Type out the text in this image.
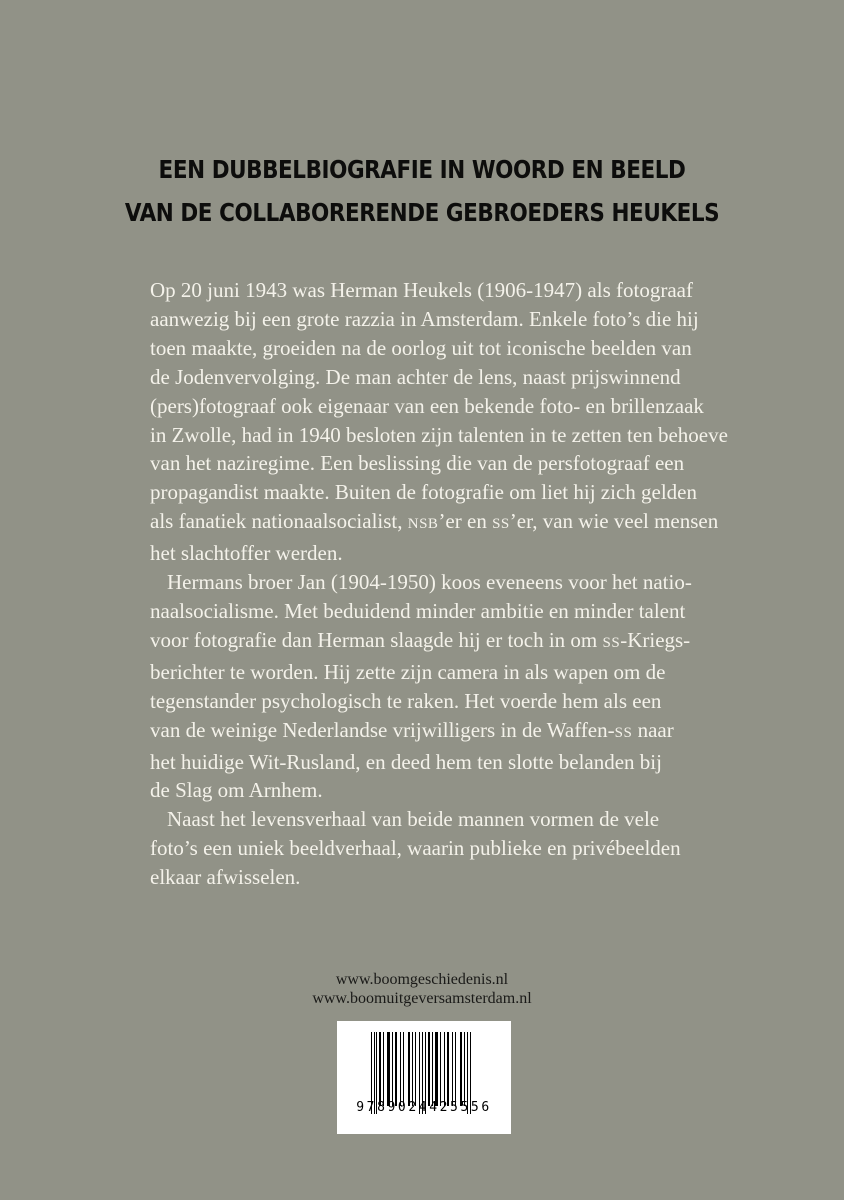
EEN DUBBELBIOGRAFIE IN WOORD EN BEELD
VAN DE COLLABORERENDE GEBROEDERS HEUKELS
Op 20 juni 1943 was Herman Heukels (1906-1947) als fotograaf
aanwezig bij een grote razzia in Amsterdam. Enkele foto’s die hij
toen maakte, groeiden na de oorlog uit tot iconische beelden van
de Jodenvervolging. De man achter de lens, naast prijswinnend
(pers)fotograaf ook eigenaar van een bekende foto- en brillenzaak
in Zwolle, had in 1940 besloten zijn talenten in te zetten ten behoeve
van het naziregime. Een beslissing die van de persfotograaf een
propagandist maakte. Buiten de fotografie om liet hij zich gelden
als fanatiek nationaalsocialist, NSB’er en SS’er, van wie veel mensen
het slachtoffer werden.
Hermans broer Jan (1904-1950) koos eveneens voor het natio-
naalsocialisme. Met beduidend minder ambitie en minder talent
voor fotografie dan Herman slaagde hij er toch in om SS-Kriegs-
berichter te worden. Hij zette zijn camera in als wapen om de
tegenstander psychologisch te raken. Het voerde hem als een
van de weinige Nederlandse vrijwilligers in de Waffen-SS naar
het huidige Wit-Rusland, en deed hem ten slotte belanden bij
de Slag om Arnhem.
Naast het levensverhaal van beide mannen vormen de vele
foto’s een uniek beeldverhaal, waarin publieke en privébeelden
elkaar afwisselen.
www.boomgeschiedenis.nl
www.boomuitgeversamsterdam.nl
9789024425556
